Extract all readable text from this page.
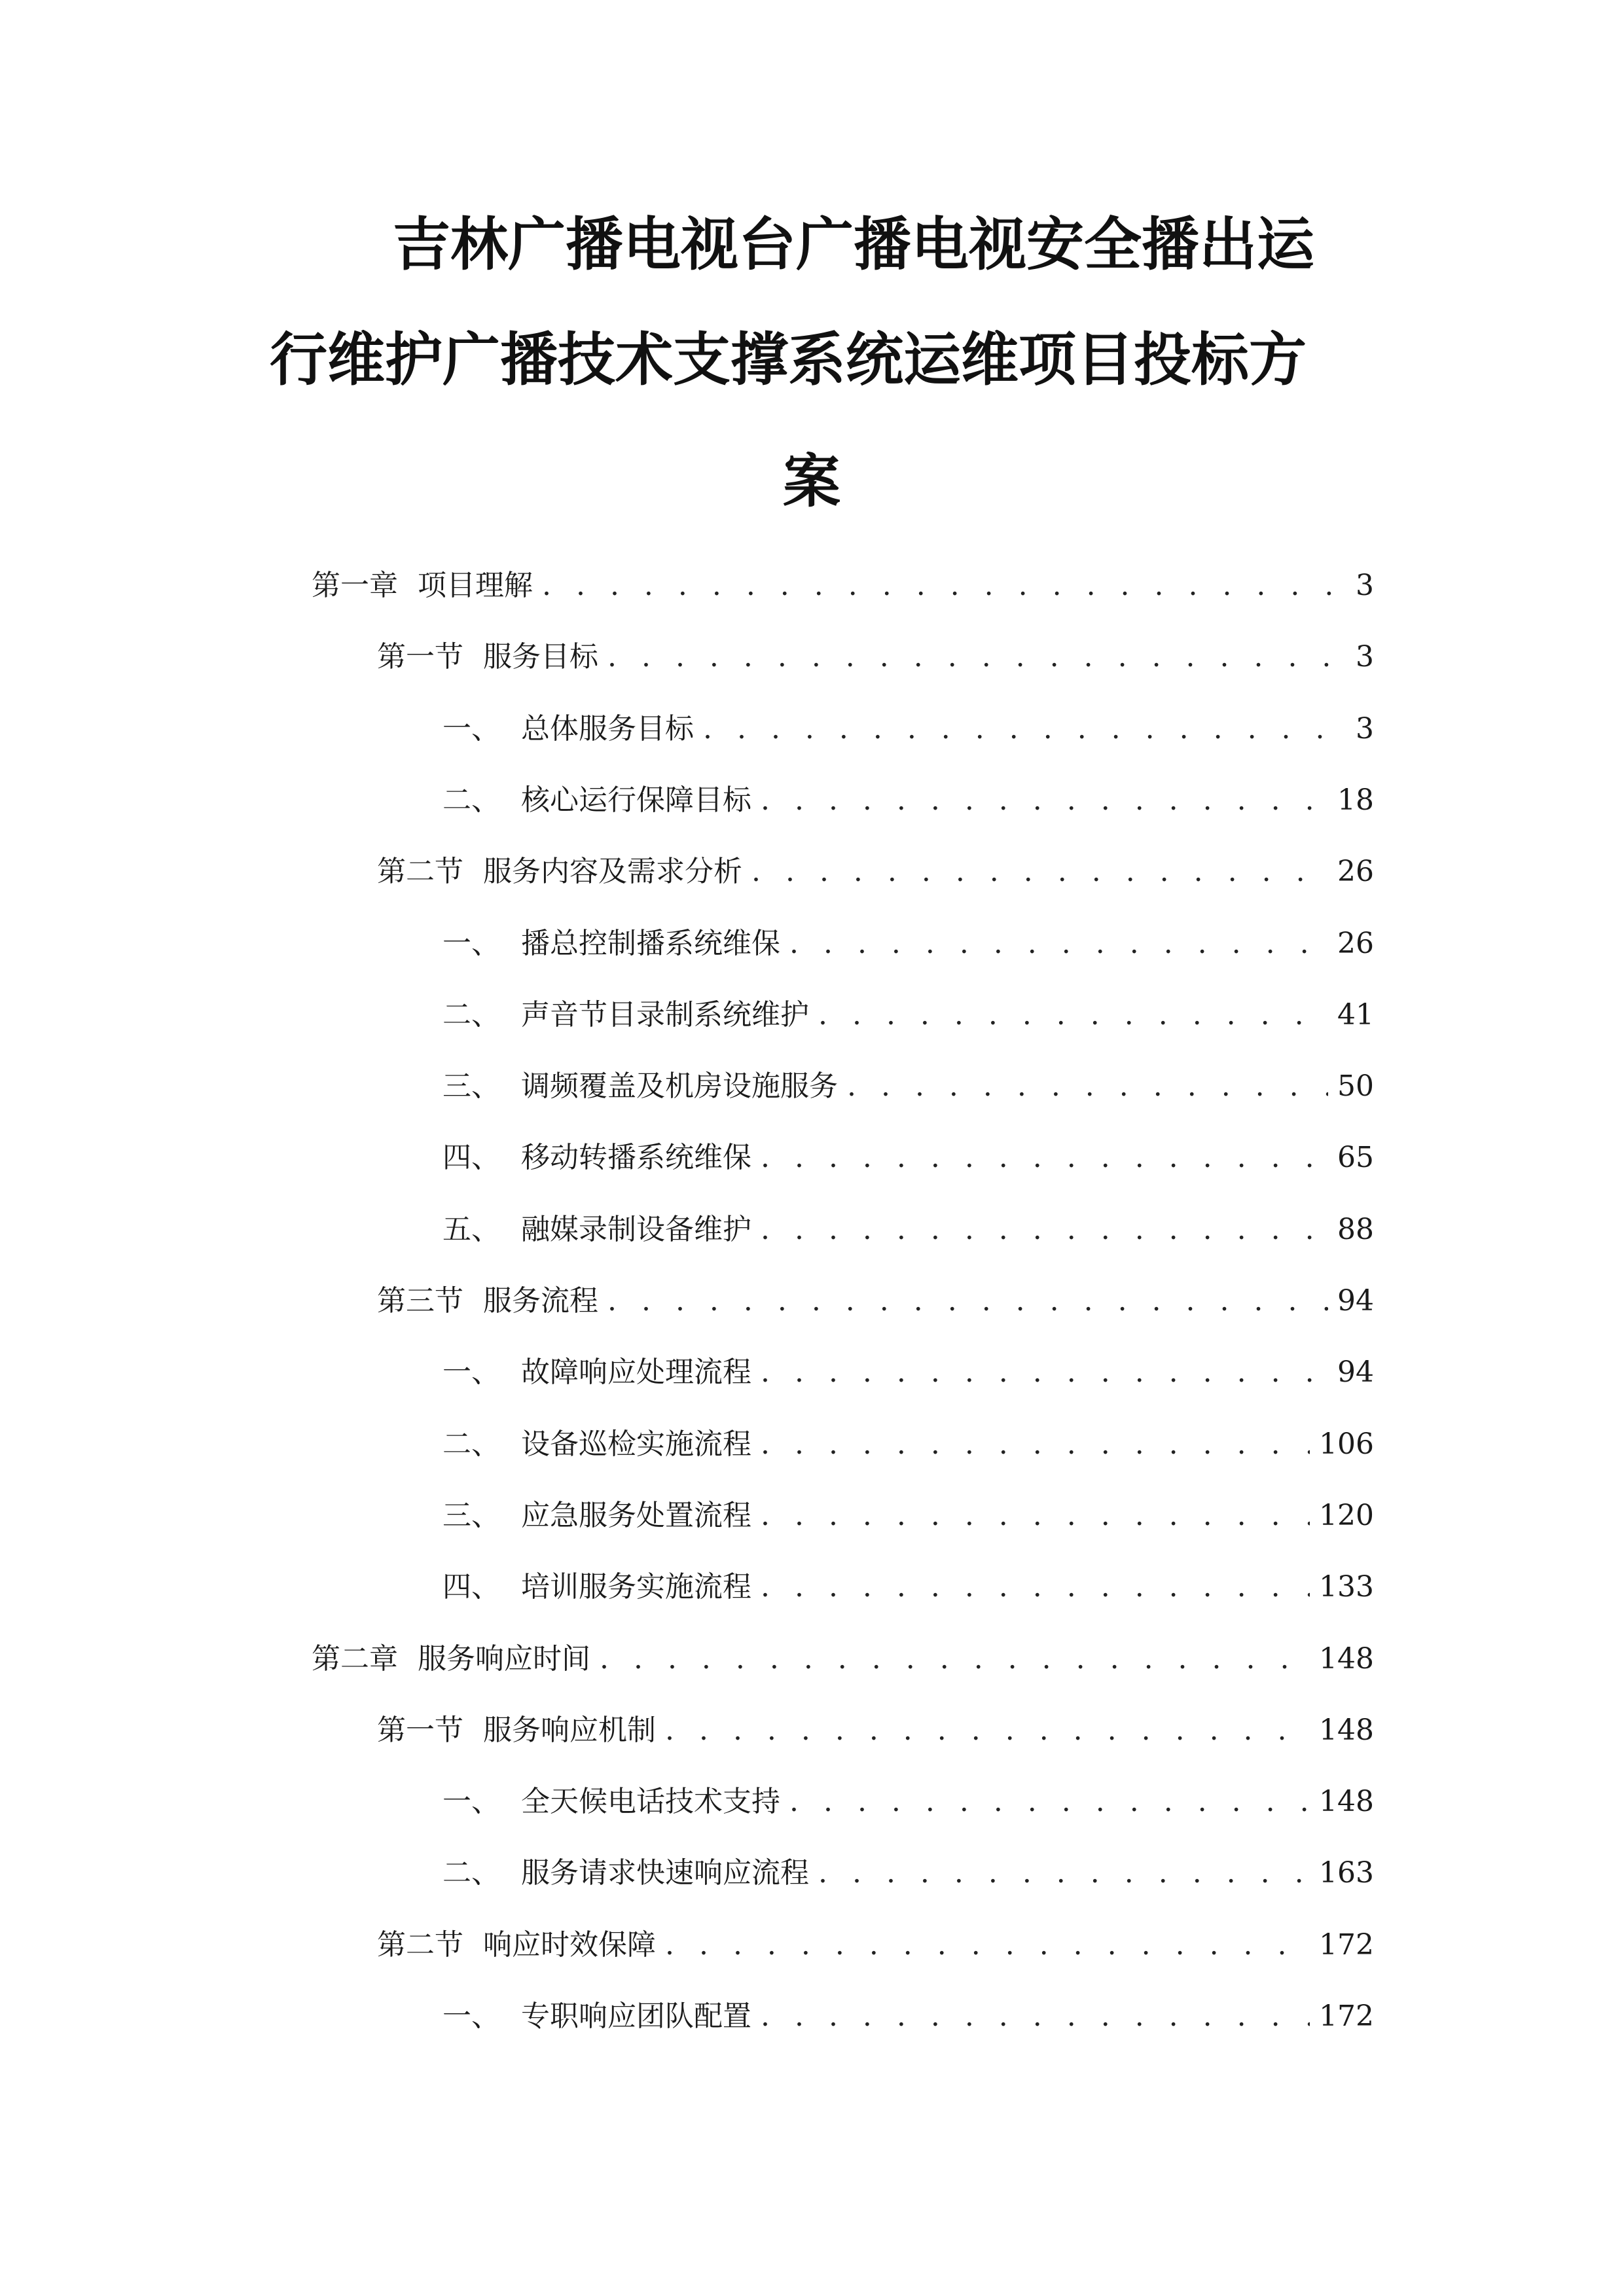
吉林广播电视台广播电视安全播出运
行维护广播技术支撑系统运维项目投标方
案
第一章 项目理解 . . .	3
第一节 服务目标 . . .	3
一、 总体服务目标 . . .	3
二、 核心运行保障目标 . . .	18
第二节 服务内容及需求分析 . . .	26
一、 播总控制播系统维保 . . .	26
二、 声音节目录制系统维护 . . .	41
三、 调频覆盖及机房设施服务 . . .	50
四、 移动转播系统维保 . . .	65
五、 融媒录制设备维护 . . .	88
第三节 服务流程 . . .	94
一、 故障响应处理流程 . . .	94
二、 设备巡检实施流程 . . .	106
三、 应急服务处置流程 . . .	120
四、 培训服务实施流程 . . .	133
第二章 服务响应时间 . . .	148
第一节 服务响应机制 . . .	148
一、 全天候电话技术支持 . . .	148
二、 服务请求快速响应流程 . . .	163
第二节 响应时效保障 . . .	172
一、 专职响应团队配置 . . .	172
